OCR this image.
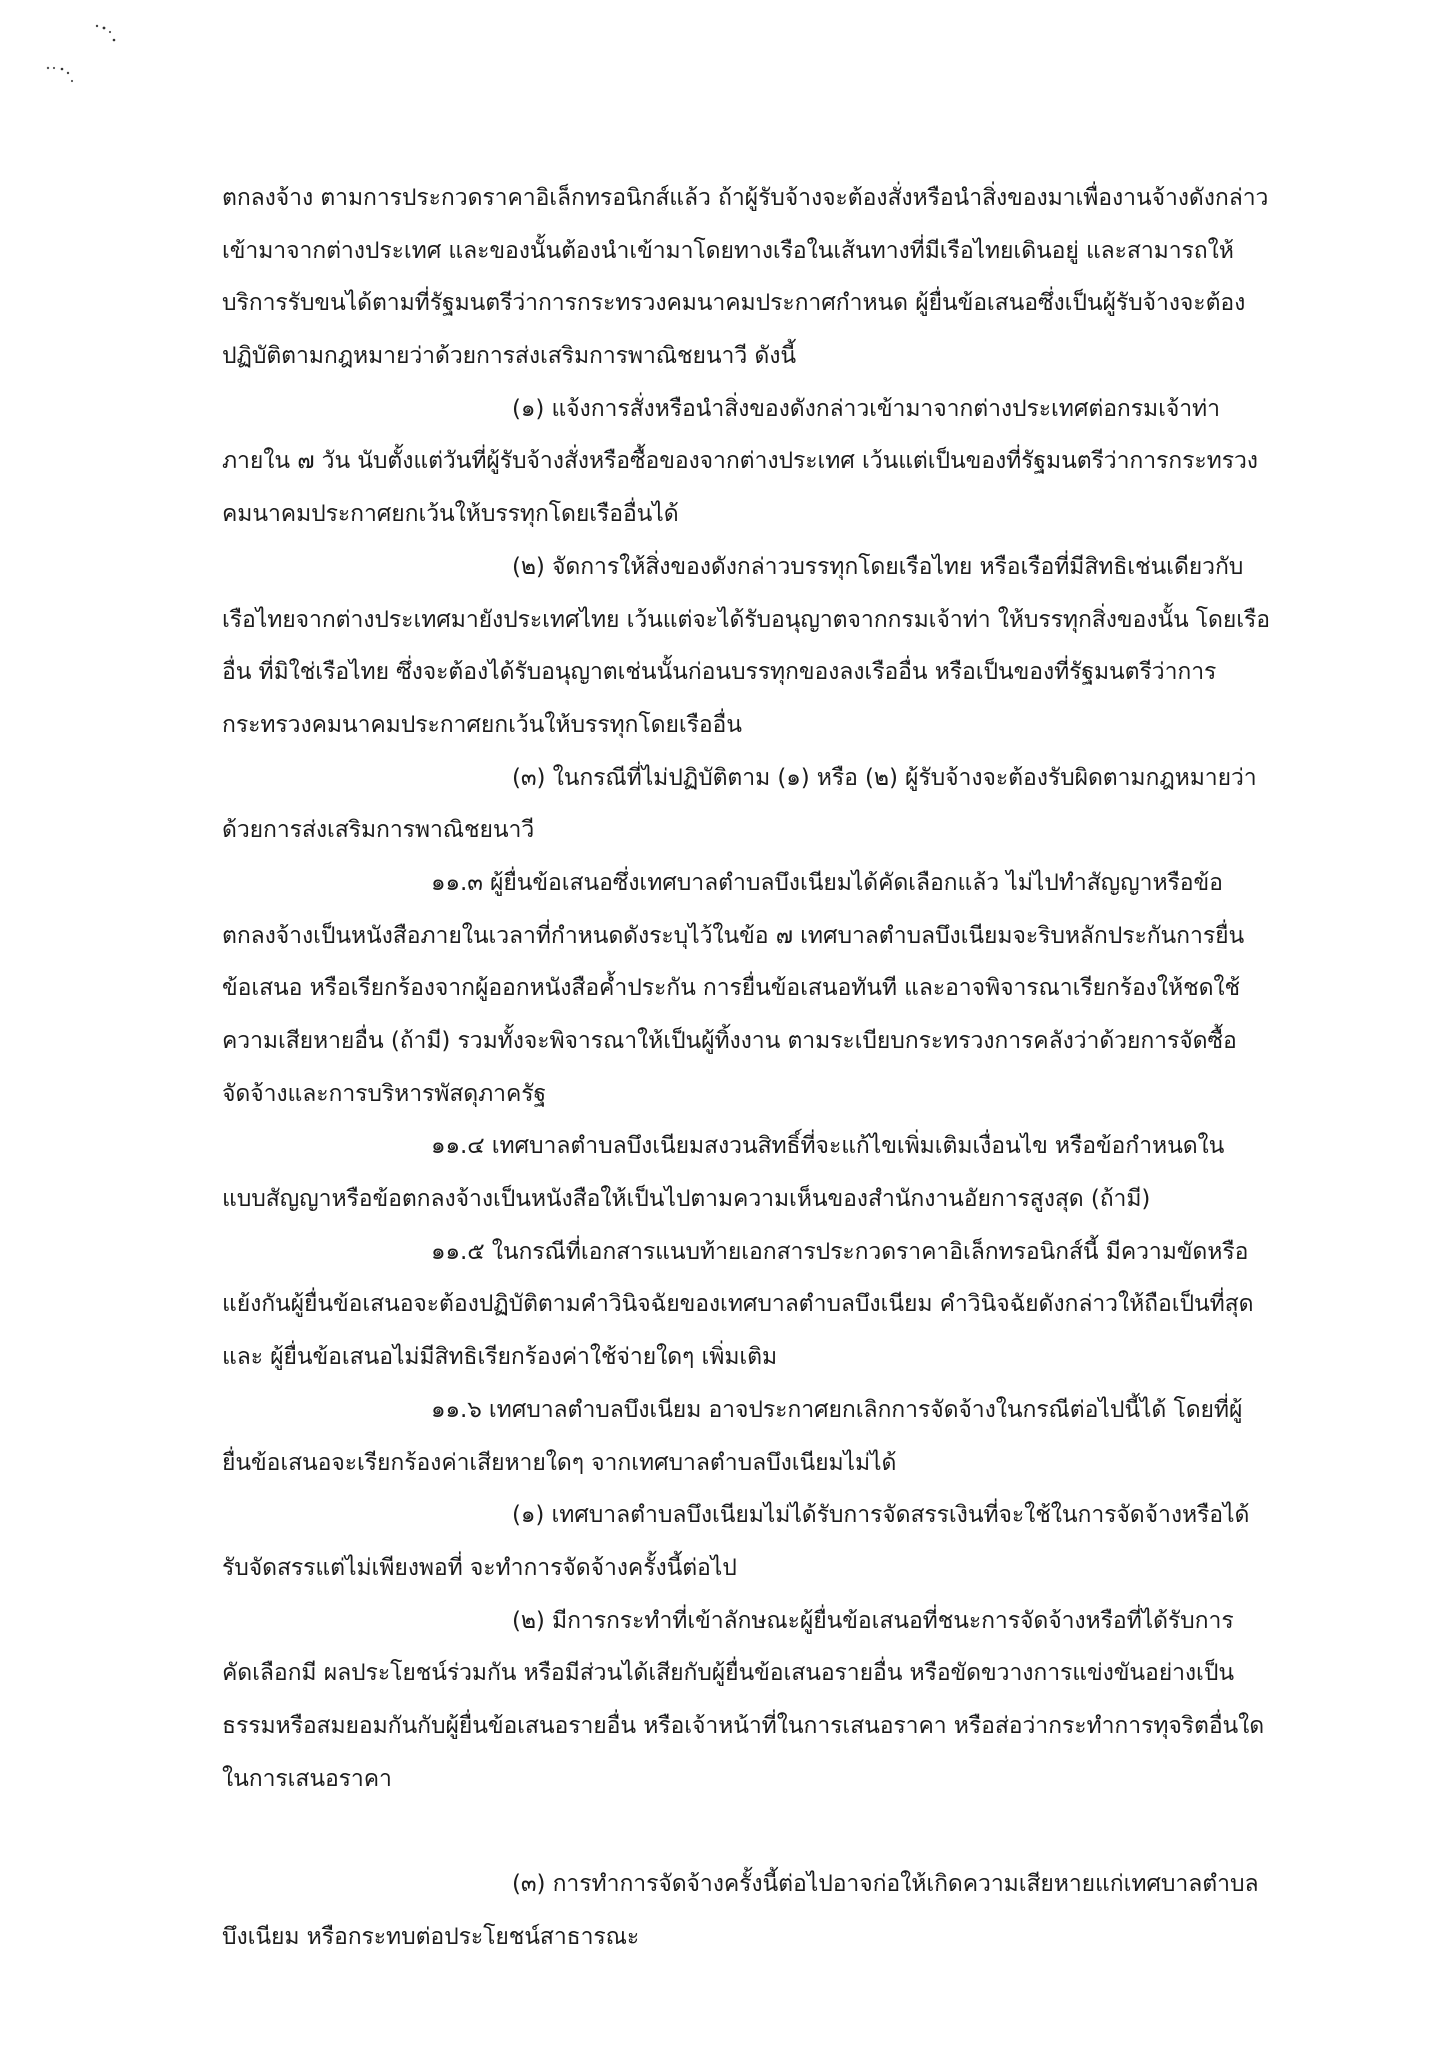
ตกลงจ้าง ตามการประกวดราคาอิเล็กทรอนิกส์แล้ว ถ้าผู้รับจ้างจะต้องสั่งหรือนำสิ่งของมาเพื่องานจ้างดังกล่าว
เข้ามาจากต่างประเทศ และของนั้นต้องนำเข้ามาโดยทางเรือในเส้นทางที่มีเรือไทยเดินอยู่ และสามารถให้
บริการรับขนได้ตามที่รัฐมนตรีว่าการกระทรวงคมนาคมประกาศกำหนด ผู้ยื่นข้อเสนอซึ่งเป็นผู้รับจ้างจะต้อง
ปฏิบัติตามกฎหมายว่าด้วยการส่งเสริมการพาณิชยนาวี ดังนี้
(๑) แจ้งการสั่งหรือนำสิ่งของดังกล่าวเข้ามาจากต่างประเทศต่อกรมเจ้าท่า
ภายใน ๗ วัน นับตั้งแต่วันที่ผู้รับจ้างสั่งหรือซื้อของจากต่างประเทศ เว้นแต่เป็นของที่รัฐมนตรีว่าการกระทรวง
คมนาคมประกาศยกเว้นให้บรรทุกโดยเรืออื่นได้
(๒) จัดการให้สิ่งของดังกล่าวบรรทุกโดยเรือไทย หรือเรือที่มีสิทธิเช่นเดียวกับ
เรือไทยจากต่างประเทศมายังประเทศไทย เว้นแต่จะได้รับอนุญาตจากกรมเจ้าท่า ให้บรรทุกสิ่งของนั้น โดยเรือ
อื่น ที่มิใช่เรือไทย ซึ่งจะต้องได้รับอนุญาตเช่นนั้นก่อนบรรทุกของลงเรืออื่น หรือเป็นของที่รัฐมนตรีว่าการ
กระทรวงคมนาคมประกาศยกเว้นให้บรรทุกโดยเรืออื่น
(๓) ในกรณีที่ไม่ปฏิบัติตาม (๑) หรือ (๒) ผู้รับจ้างจะต้องรับผิดตามกฎหมายว่า
ด้วยการส่งเสริมการพาณิชยนาวี
๑๑.๓ ผู้ยื่นข้อเสนอซึ่งเทศบาลตำบลบึงเนียมได้คัดเลือกแล้ว ไม่ไปทำสัญญาหรือข้อ
ตกลงจ้างเป็นหนังสือภายในเวลาที่กำหนดดังระบุไว้ในข้อ ๗ เทศบาลตำบลบึงเนียมจะริบหลักประกันการยื่น
ข้อเสนอ หรือเรียกร้องจากผู้ออกหนังสือค้ำประกัน การยื่นข้อเสนอทันที และอาจพิจารณาเรียกร้องให้ชดใช้
ความเสียหายอื่น (ถ้ามี) รวมทั้งจะพิจารณาให้เป็นผู้ทิ้งงาน ตามระเบียบกระทรวงการคลังว่าด้วยการจัดซื้อ
จัดจ้างและการบริหารพัสดุภาครัฐ
๑๑.๔ เทศบาลตำบลบึงเนียมสงวนสิทธิ์ที่จะแก้ไขเพิ่มเติมเงื่อนไข หรือข้อกำหนดใน
แบบสัญญาหรือข้อตกลงจ้างเป็นหนังสือให้เป็นไปตามความเห็นของสำนักงานอัยการสูงสุด (ถ้ามี)
๑๑.๕ ในกรณีที่เอกสารแนบท้ายเอกสารประกวดราคาอิเล็กทรอนิกส์นี้ มีความขัดหรือ
แย้งกันผู้ยื่นข้อเสนอจะต้องปฏิบัติตามคำวินิจฉัยของเทศบาลตำบลบึงเนียม คำวินิจฉัยดังกล่าวให้ถือเป็นที่สุด
และ ผู้ยื่นข้อเสนอไม่มีสิทธิเรียกร้องค่าใช้จ่ายใดๆ เพิ่มเติม
๑๑.๖ เทศบาลตำบลบึงเนียม อาจประกาศยกเลิกการจัดจ้างในกรณีต่อไปนี้ได้ โดยที่ผู้
ยื่นข้อเสนอจะเรียกร้องค่าเสียหายใดๆ จากเทศบาลตำบลบึงเนียมไม่ได้
(๑) เทศบาลตำบลบึงเนียมไม่ได้รับการจัดสรรเงินที่จะใช้ในการจัดจ้างหรือได้
รับจัดสรรแต่ไม่เพียงพอที่ จะทำการจัดจ้างครั้งนี้ต่อไป
(๒) มีการกระทำที่เข้าลักษณะผู้ยื่นข้อเสนอที่ชนะการจัดจ้างหรือที่ได้รับการ
คัดเลือกมี ผลประโยชน์ร่วมกัน หรือมีส่วนได้เสียกับผู้ยื่นข้อเสนอรายอื่น หรือขัดขวางการแข่งขันอย่างเป็น
ธรรมหรือสมยอมกันกับผู้ยื่นข้อเสนอรายอื่น หรือเจ้าหน้าที่ในการเสนอราคา หรือส่อว่ากระทำการทุจริตอื่นใด
ในการเสนอราคา
(๓) การทำการจัดจ้างครั้งนี้ต่อไปอาจก่อให้เกิดความเสียหายแก่เทศบาลตำบล
บึงเนียม หรือกระทบต่อประโยชน์สาธารณะ
